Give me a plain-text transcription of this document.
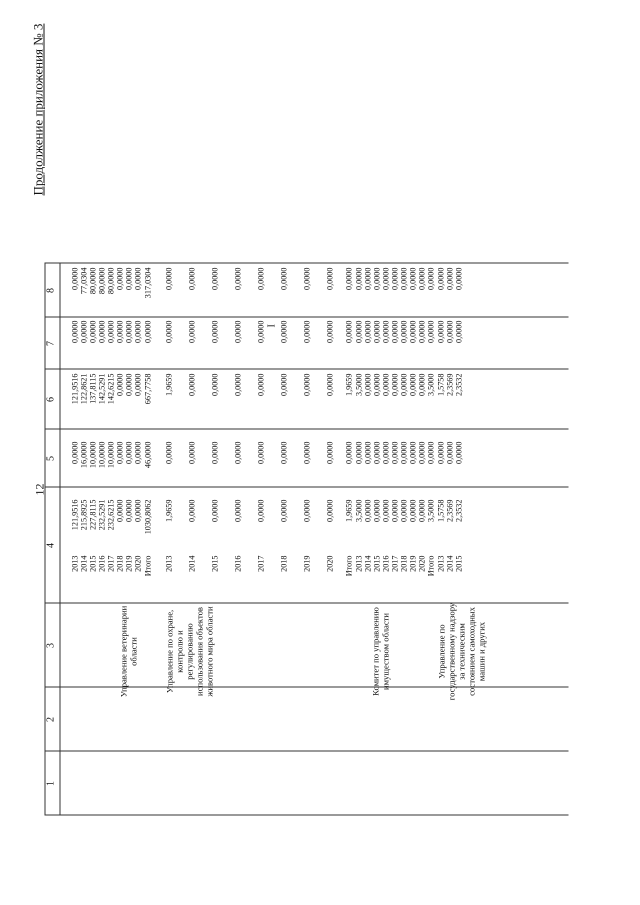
12
Продолжение приложения № 3
1
2
3
4
5
6
7
8
Управление ветеринарии области
2013
121,9516
0,0000
121,9516
0,0000
0,0000
2014
215,8925
16,0000
122,8621
0,0000
77,0304
2015
227,8115
10,0000
137,8115
0,0000
80,0000
2016
232,5291
10,0000
142,5291
0,0000
80,0000
2017
232,6215
10,0000
142,6215
0,0000
80,0000
2018
0,0000
0,0000
0,0000
0,0000
0,0000
2019
0,0000
0,0000
0,0000
0,0000
0,0000
2020
0,0000
0,0000
0,0000
0,0000
0,0000
Итого
1030,8062
46,0000
667,7758
0,0000
317,0304
Управление по охране, контролю и регулированию использования объектов животного мира области
2013
1,9659
0,0000
1,9659
0,0000
0,0000
2014
0,0000
0,0000
0,0000
0,0000
0,0000
2015
0,0000
0,0000
0,0000
0,0000
0,0000
2016
0,0000
0,0000
0,0000
0,0000
0,0000
2017
0,0000
0,0000
0,0000
0,0000
0,0000
2018
0,0000
0,0000
0,0000
0,0000
0,0000
2019
0,0000
0,0000
0,0000
0,0000
0,0000
2020
0,0000
0,0000
0,0000
0,0000
0,0000
Итого
1,9659
0,0000
1,9659
0,0000
0,0000
Комитет по управлению имуществом области
2013
3,5000
0,0000
3,5000
0,0000
0,0000
2014
0,0000
0,0000
0,0000
0,0000
0,0000
2015
0,0000
0,0000
0,0000
0,0000
0,0000
2016
0,0000
0,0000
0,0000
0,0000
0,0000
2017
0,0000
0,0000
0,0000
0,0000
0,0000
2018
0,0000
0,0000
0,0000
0,0000
0,0000
2019
0,0000
0,0000
0,0000
0,0000
0,0000
2020
0,0000
0,0000
0,0000
0,0000
0,0000
Итого
3,5000
0,0000
3,5000
0,0000
0,0000
Управление по государственному надзору за техническим состоянием самоходных машин и других
2013
1,5758
0,0000
1,5758
0,0000
0,0000
2014
2,3569
0,0000
2,3569
0,0000
0,0000
2015
2,3532
0,0000
2,3532
0,0000
0,0000
I
